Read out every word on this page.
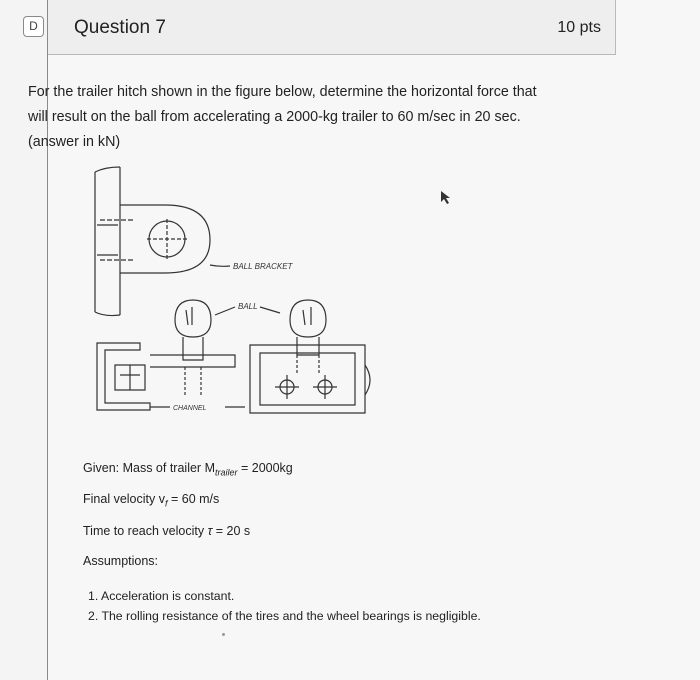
D	Question 7	10 pts
For the trailer hitch shown in the figure below, determine the horizontal force that will result on the ball from accelerating a 2000-kg trailer to 60 m/sec in 20 sec. (answer in kN)
BALL BRACKET
BALL
CHANNEL
Given: Mass of trailer $M_{trailer} = 2000kg$
Final velocity $v_f = 60$ m/s
Time to reach velocity τ = 20 s
Assumptions:
1. Acceleration is constant.
2. The rolling resistance of the tires and the wheel bearings is negligible.
